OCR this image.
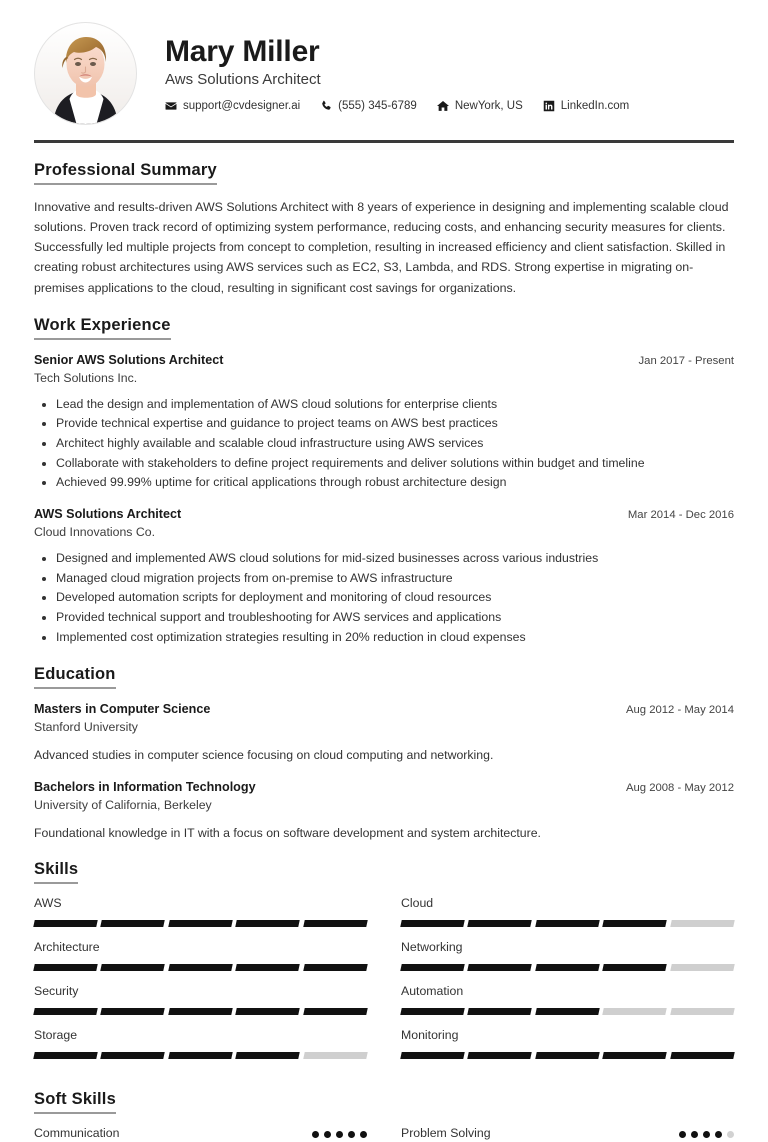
Mary Miller
Aws Solutions Architect
support@cvdesigner.ai	(555) 345-6789	NewYork, US	LinkedIn.com
Professional Summary

Innovative and results-driven AWS Solutions Architect with 8 years of experience in designing and implementing scalable cloud solutions. Proven track record of optimizing system performance, reducing costs, and enhancing security measures for clients. Successfully led multiple projects from concept to completion, resulting in increased efficiency and client satisfaction. Skilled in creating robust architectures using AWS services such as EC2, S3, Lambda, and RDS. Strong expertise in migrating on-premises applications to the cloud, resulting in significant cost savings for organizations.

Work Experience
Senior AWS Solutions Architect	Jan 2017 - Present
Tech Solutions Inc.
• Lead the design and implementation of AWS cloud solutions for enterprise clients
• Provide technical expertise and guidance to project teams on AWS best practices
• Architect highly available and scalable cloud infrastructure using AWS services
• Collaborate with stakeholders to define project requirements and deliver solutions within budget and timeline
• Achieved 99.99% uptime for critical applications through robust architecture design
AWS Solutions Architect	Mar 2014 - Dec 2016
Cloud Innovations Co.
• Designed and implemented AWS cloud solutions for mid-sized businesses across various industries
• Managed cloud migration projects from on-premise to AWS infrastructure
• Developed automation scripts for deployment and monitoring of cloud resources
• Provided technical support and troubleshooting for AWS services and applications
• Implemented cost optimization strategies resulting in 20% reduction in cloud expenses
Education
Masters in Computer Science	Aug 2012 - May 2014
Stanford University
Advanced studies in computer science focusing on cloud computing and networking.
Bachelors in Information Technology	Aug 2008 - May 2012
University of California, Berkeley
Foundational knowledge in IT with a focus on software development and system architecture.
Skills
AWS	Cloud
Architecture	Networking
Security	Automation
Storage	Monitoring
Soft Skills
Communication	Problem Solving
